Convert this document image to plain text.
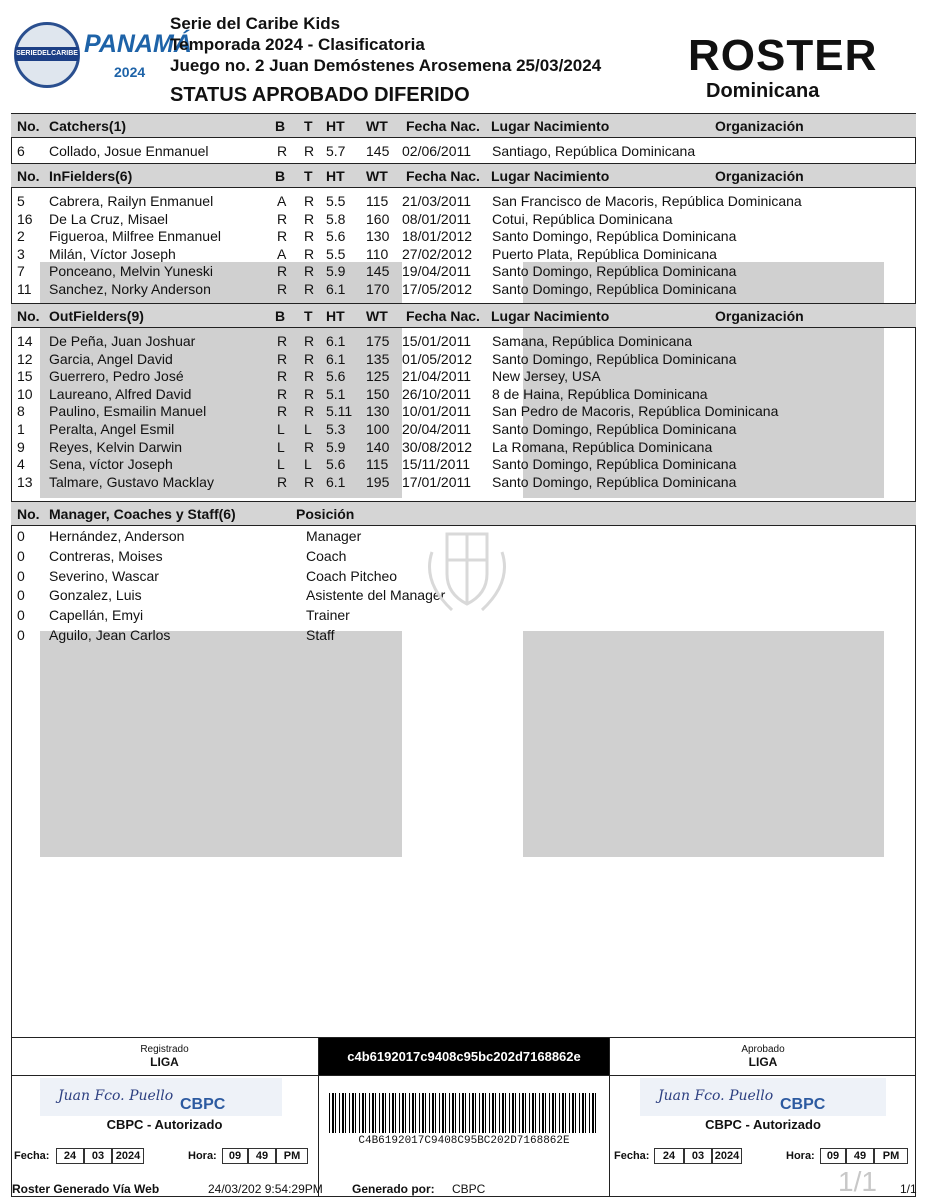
SERIEDELCARIBE PANAMÁ
2024
Serie del Caribe Kids
Temporada 2024 - Clasificatoria
Juego no. 2 Juan Demóstenes Arosemena 25/03/2024
STATUS APROBADO DIFERIDO
ROSTER
Dominicana
No. Catchers(1)	B T HT WT Fecha Nac. Lugar Nacimiento	Organización
6 Collado, Josue Enmanuel	R R 5.7 145 02/06/2011 Santiago, República Dominicana
No. InFielders(6)	B T HT WT Fecha Nac. Lugar Nacimiento	Organización
5 Cabrera, Railyn Enmanuel	A R 5.5 115 21/03/2011 San Francisco de Macoris, República Dominicana
16 De La Cruz, Misael	R R 5.8 160 08/01/2011 Cotui, República Dominicana
2 Figueroa, Milfree Enmanuel	R R 5.6 130 18/01/2012 Santo Domingo, República Dominicana
3 Milán, Víctor Joseph	A R 5.5 110 27/02/2012 Puerto Plata, República Dominicana
7 Ponceano, Melvin Yuneski	R R 5.9 145 19/04/2011 Santo Domingo, República Dominicana
11 Sanchez, Norky Anderson	R R 6.1 170 17/05/2012 Santo Domingo, República Dominicana
No. OutFielders(9)	B T HT WT Fecha Nac. Lugar Nacimiento	Organización
14 De Peña, Juan Joshuar	R R 6.1 175 15/01/2011 Samana, República Dominicana
12 Garcia, Angel David	R R 6.1 135 01/05/2012 Santo Domingo, República Dominicana
15 Guerrero, Pedro José	R R 5.6 125 21/04/2011 New Jersey, USA
10 Laureano, Alfred David	R R 5.1 150 26/10/2011 8 de Haina, República Dominicana
8 Paulino, Esmailin Manuel	R R 5.11 130 10/01/2011 San Pedro de Macoris, República Dominicana
1 Peralta, Angel Esmil	L L 5.3 100 20/04/2011 Santo Domingo, República Dominicana
9 Reyes, Kelvin Darwin	L R 5.9 140 30/08/2012 La Romana, República Dominicana
4 Sena, víctor Joseph	L L 5.6 115 15/11/2011 Santo Domingo, República Dominicana
13 Talmare, Gustavo Macklay	R R 6.1 195 17/01/2011 Santo Domingo, República Dominicana
No. Manager, Coaches y Staff(6)	Posición
0 Hernández, Anderson	Manager
0 Contreras, Moises	Coach
0 Severino, Wascar	Coach Pitcheo
0 Gonzalez, Luis	Asistente del Manager
0 Capellán, Emyi	Trainer
0 Aguilo, Jean Carlos	Staff
Registrado
LIGA	c4b6192017c9408c95bc202d7168862e	Aprobado
LIGA
Juan Fco. Puello CBPC
CBPC - Autorizado
C4B6192017C9408C95BC202D7168862E
Juan Fco. Puello CBPC
CBPC - Autorizado
Fecha:	24	03	2024	Hora:	09	49	PM	Fecha:	24	03 2024	Hora:	09	49	PM
Roster Generado Vía Web	24/03/202 9:54:29PM Generado por: CBPC	1/1 1/1
